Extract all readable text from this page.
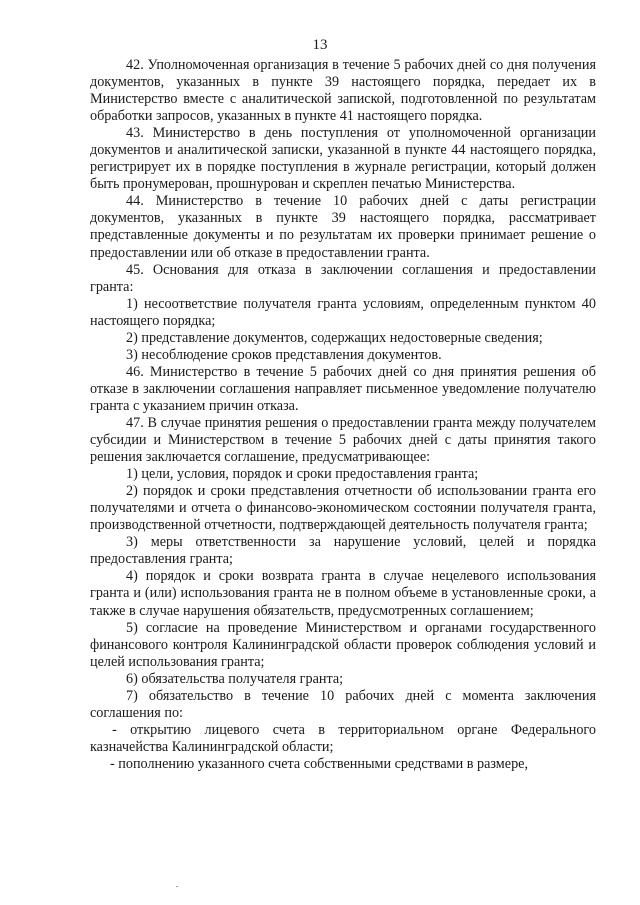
13

42. Уполномоченная организация в течение 5 рабочих дней со дня получения документов, указанных в пункте 39 настоящего порядка, передает их в Министерство вместе с аналитической запиской, подготовленной по результатам обработки запросов, указанных в пункте 41 настоящего порядка.

43. Министерство в день поступления от уполномоченной организации документов и аналитической записки, указанной в пункте 44 настоящего порядка, регистрирует их в порядке поступления в журнале регистрации, который должен быть пронумерован, прошнурован и скреплен печатью Министерства.

44. Министерство в течение 10 рабочих дней с даты регистрации документов, указанных в пункте 39 настоящего порядка, рассматривает представленные документы и по результатам их проверки принимает решение о предоставлении или об отказе в предоставлении гранта.

45. Основания для отказа в заключении соглашения и предоставлении гранта:

1) несоответствие получателя гранта условиям, определенным пунктом 40 настоящего порядка;

2) представление документов, содержащих недостоверные сведения;

3) несоблюдение сроков представления документов.

46. Министерство в течение 5 рабочих дней со дня принятия решения об отказе в заключении соглашения направляет письменное уведомление получателю гранта с указанием причин отказа.

47. В случае принятия решения о предоставлении гранта между получателем субсидии и Министерством в течение 5 рабочих дней с даты принятия такого решения заключается соглашение, предусматривающее:

1) цели, условия, порядок и сроки предоставления гранта;

2) порядок и сроки представления отчетности об использовании гранта его получателями и отчета о финансово-экономическом состоянии получателя гранта, производственной отчетности, подтверждающей деятельность получателя гранта;

3) меры ответственности за нарушение условий, целей и порядка предоставления гранта;

4) порядок и сроки возврата гранта в случае нецелевого использования гранта и (или) использования гранта не в полном объеме в установленные сроки, а также в случае нарушения обязательств, предусмотренных соглашением;

5) согласие на проведение Министерством и органами государственного финансового контроля Калининградской области проверок соблюдения условий и целей использования гранта;

6) обязательства получателя гранта;

7) обязательство в течение 10 рабочих дней с момента заключения соглашения по:

- открытию лицевого счета в территориальном органе Федерального казначейства Калининградской области;

- пополнению указанного счета собственными средствами в размере,
